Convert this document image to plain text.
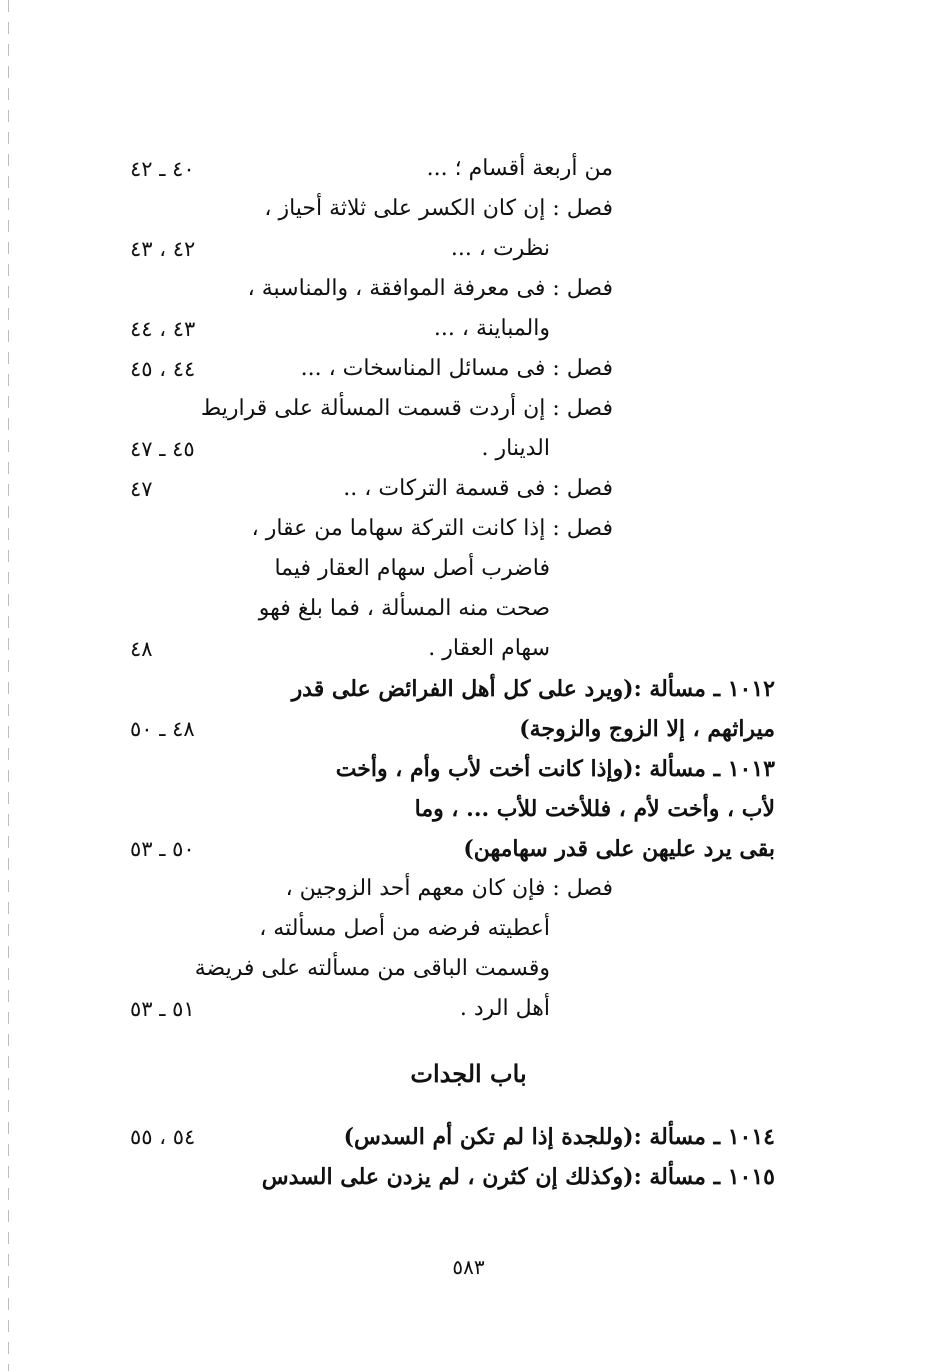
من أربعة أقسام ؛ ...
٤٠ ـ ٤٢
فصل : إن كان الكسر على ثلاثة أحياز ،
نظرت ، ...
٤٢ ، ٤٣
فصل : فى معرفة الموافقة ، والمناسبة ،
والمباينة ، ...
٤٣ ، ٤٤
فصل : فى مسائل المناسخات ، ...
٤٤ ، ٤٥
فصل : إن أردت قسمت المسألة على قراريط
الدينار .
٤٥ ـ ٤٧
فصل : فى قسمة التركات ، ..
٤٧
فصل : إذا كانت التركة سهاما من عقار ،
فاضرب أصل سهام العقار فيما
صحت منه المسألة ، فما بلغ فهو
سهام العقار .
٤٨
١٠١٢ ـ مسألة :(ويرد على كل أهل الفرائض على قدر
ميراثهم ، إلا الزوج والزوجة)
٤٨ ـ ٥٠
١٠١٣ ـ مسألة :(وإذا كانت أخت لأب وأم ، وأخت
لأب ، وأخت لأم ، فللأخت للأب ... ، وما
بقى يرد عليهن على قدر سهامهن)
٥٠ ـ ٥٣
فصل : فإن كان معهم أحد الزوجين ،
أعطيته فرضه من أصل مسألته ،
وقسمت الباقى من مسألته على فريضة
أهل الرد .
٥١ ـ ٥٣
باب الجدات
١٠١٤ ـ مسألة :(وللجدة إذا لم تكن أم السدس)
٥٤ ، ٥٥
١٠١٥ ـ مسألة :(وكذلك إن كثرن ، لم يزدن على السدس
٥٨٣
